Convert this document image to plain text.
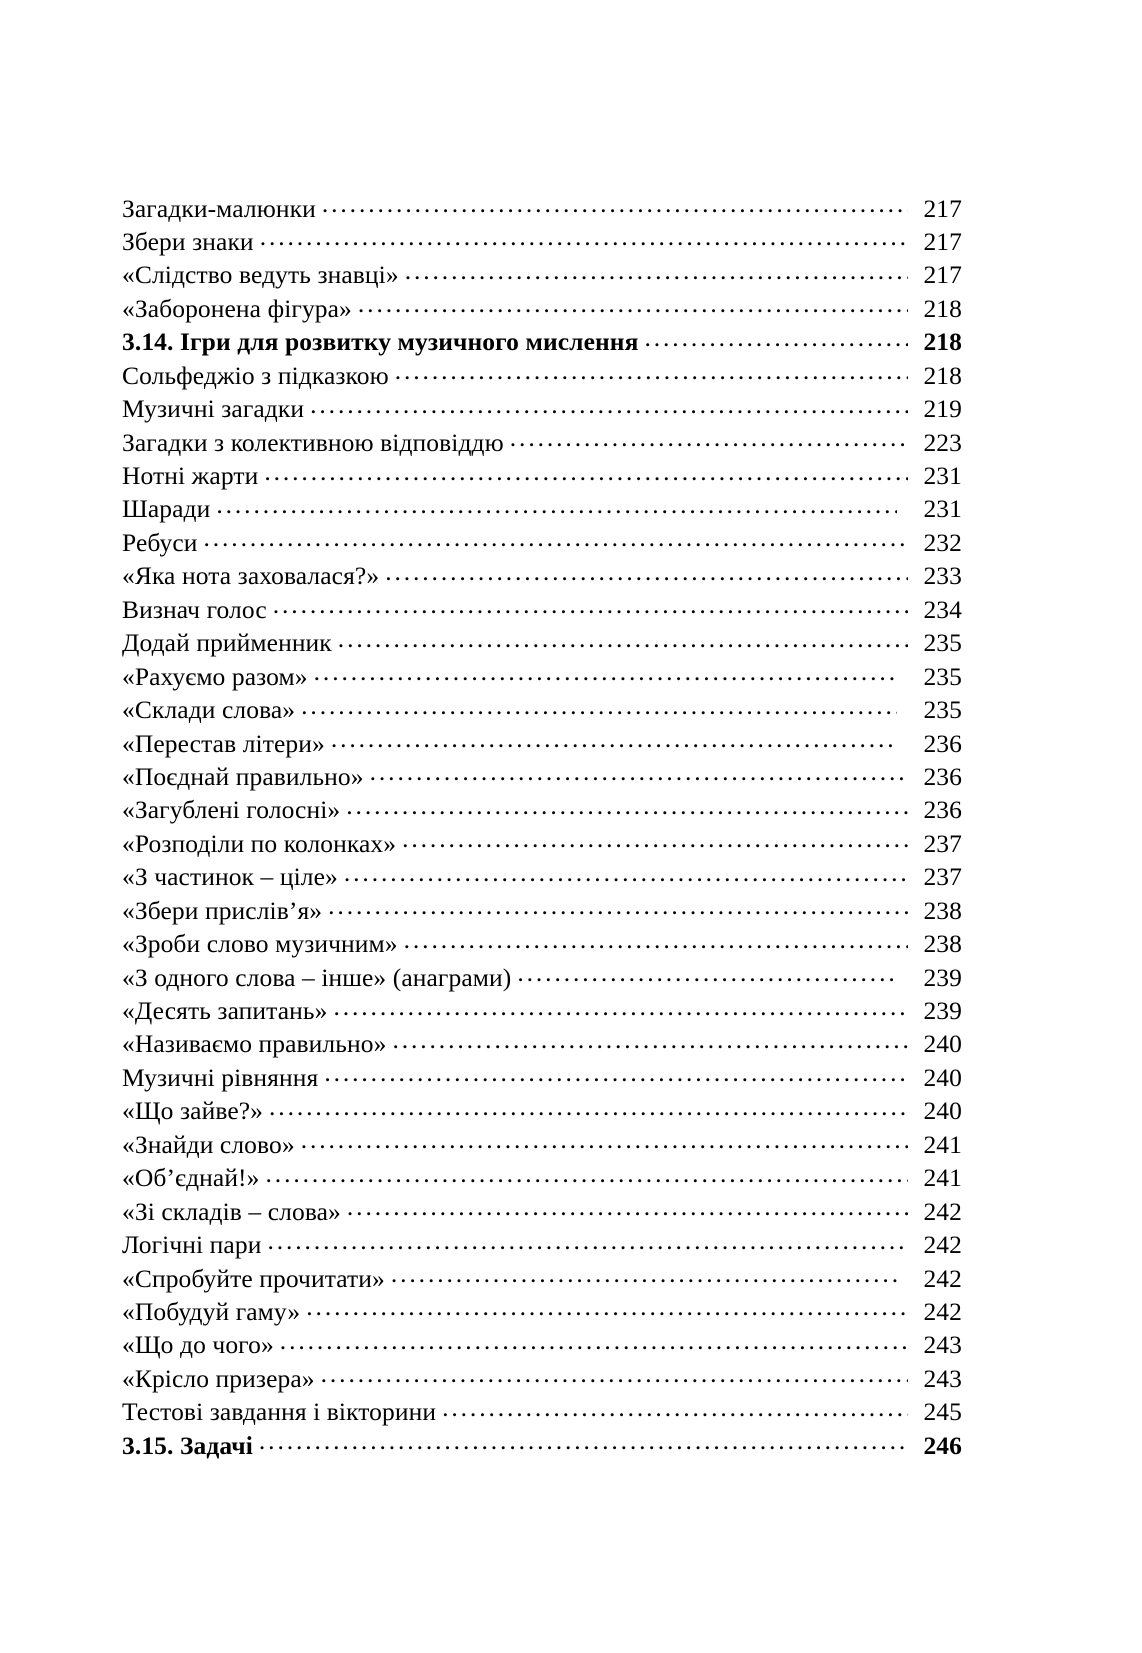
Загадки-малюнки .....	217
Збери знаки .....	217
«Слідство ведуть знавці» .....	217
«Заборонена фігура» .....	218
3.14. Ігри для розвитку музичного мислення .....	218
Сольфеджіо з підказкою .....	218
Музичні загадки .....	219
Загадки з колективною відповіддю .....	223
Нотні жарти .....	231
Шаради .....	231
Ребуси .....	232
«Яка нота заховалася?» .....	233
Визнач голос .....	234
Додай прийменник .....	235
«Рахуємо разом» .....	235
«Склади слова» .....	235
«Перестав літери» .....	236
«Поєднай правильно» .....	236
«Загублені голосні» .....	236
«Розподіли по колонках» .....	237
«З частинок – ціле» .....	237
«Збери прислів’я» .....	238
«Зроби слово музичним» .....	238
«З одного слова – інше» (анаграми) .....	239
«Десять запитань» .....	239
«Називаємо правильно» .....	240
Музичні рівняння .....	240
«Що зайве?» .....	240
«Знайди слово» .....	241
«Об’єднай!» .....	241
«Зі складів – слова» .....	242
Логічні пари .....	242
«Спробуйте прочитати» .....	242
«Побудуй гаму» .....	242
«Що до чого» .....	243
«Крісло призера» .....	243
Тестові завдання і вікторини .....	245
3.15. Задачі .....	246
